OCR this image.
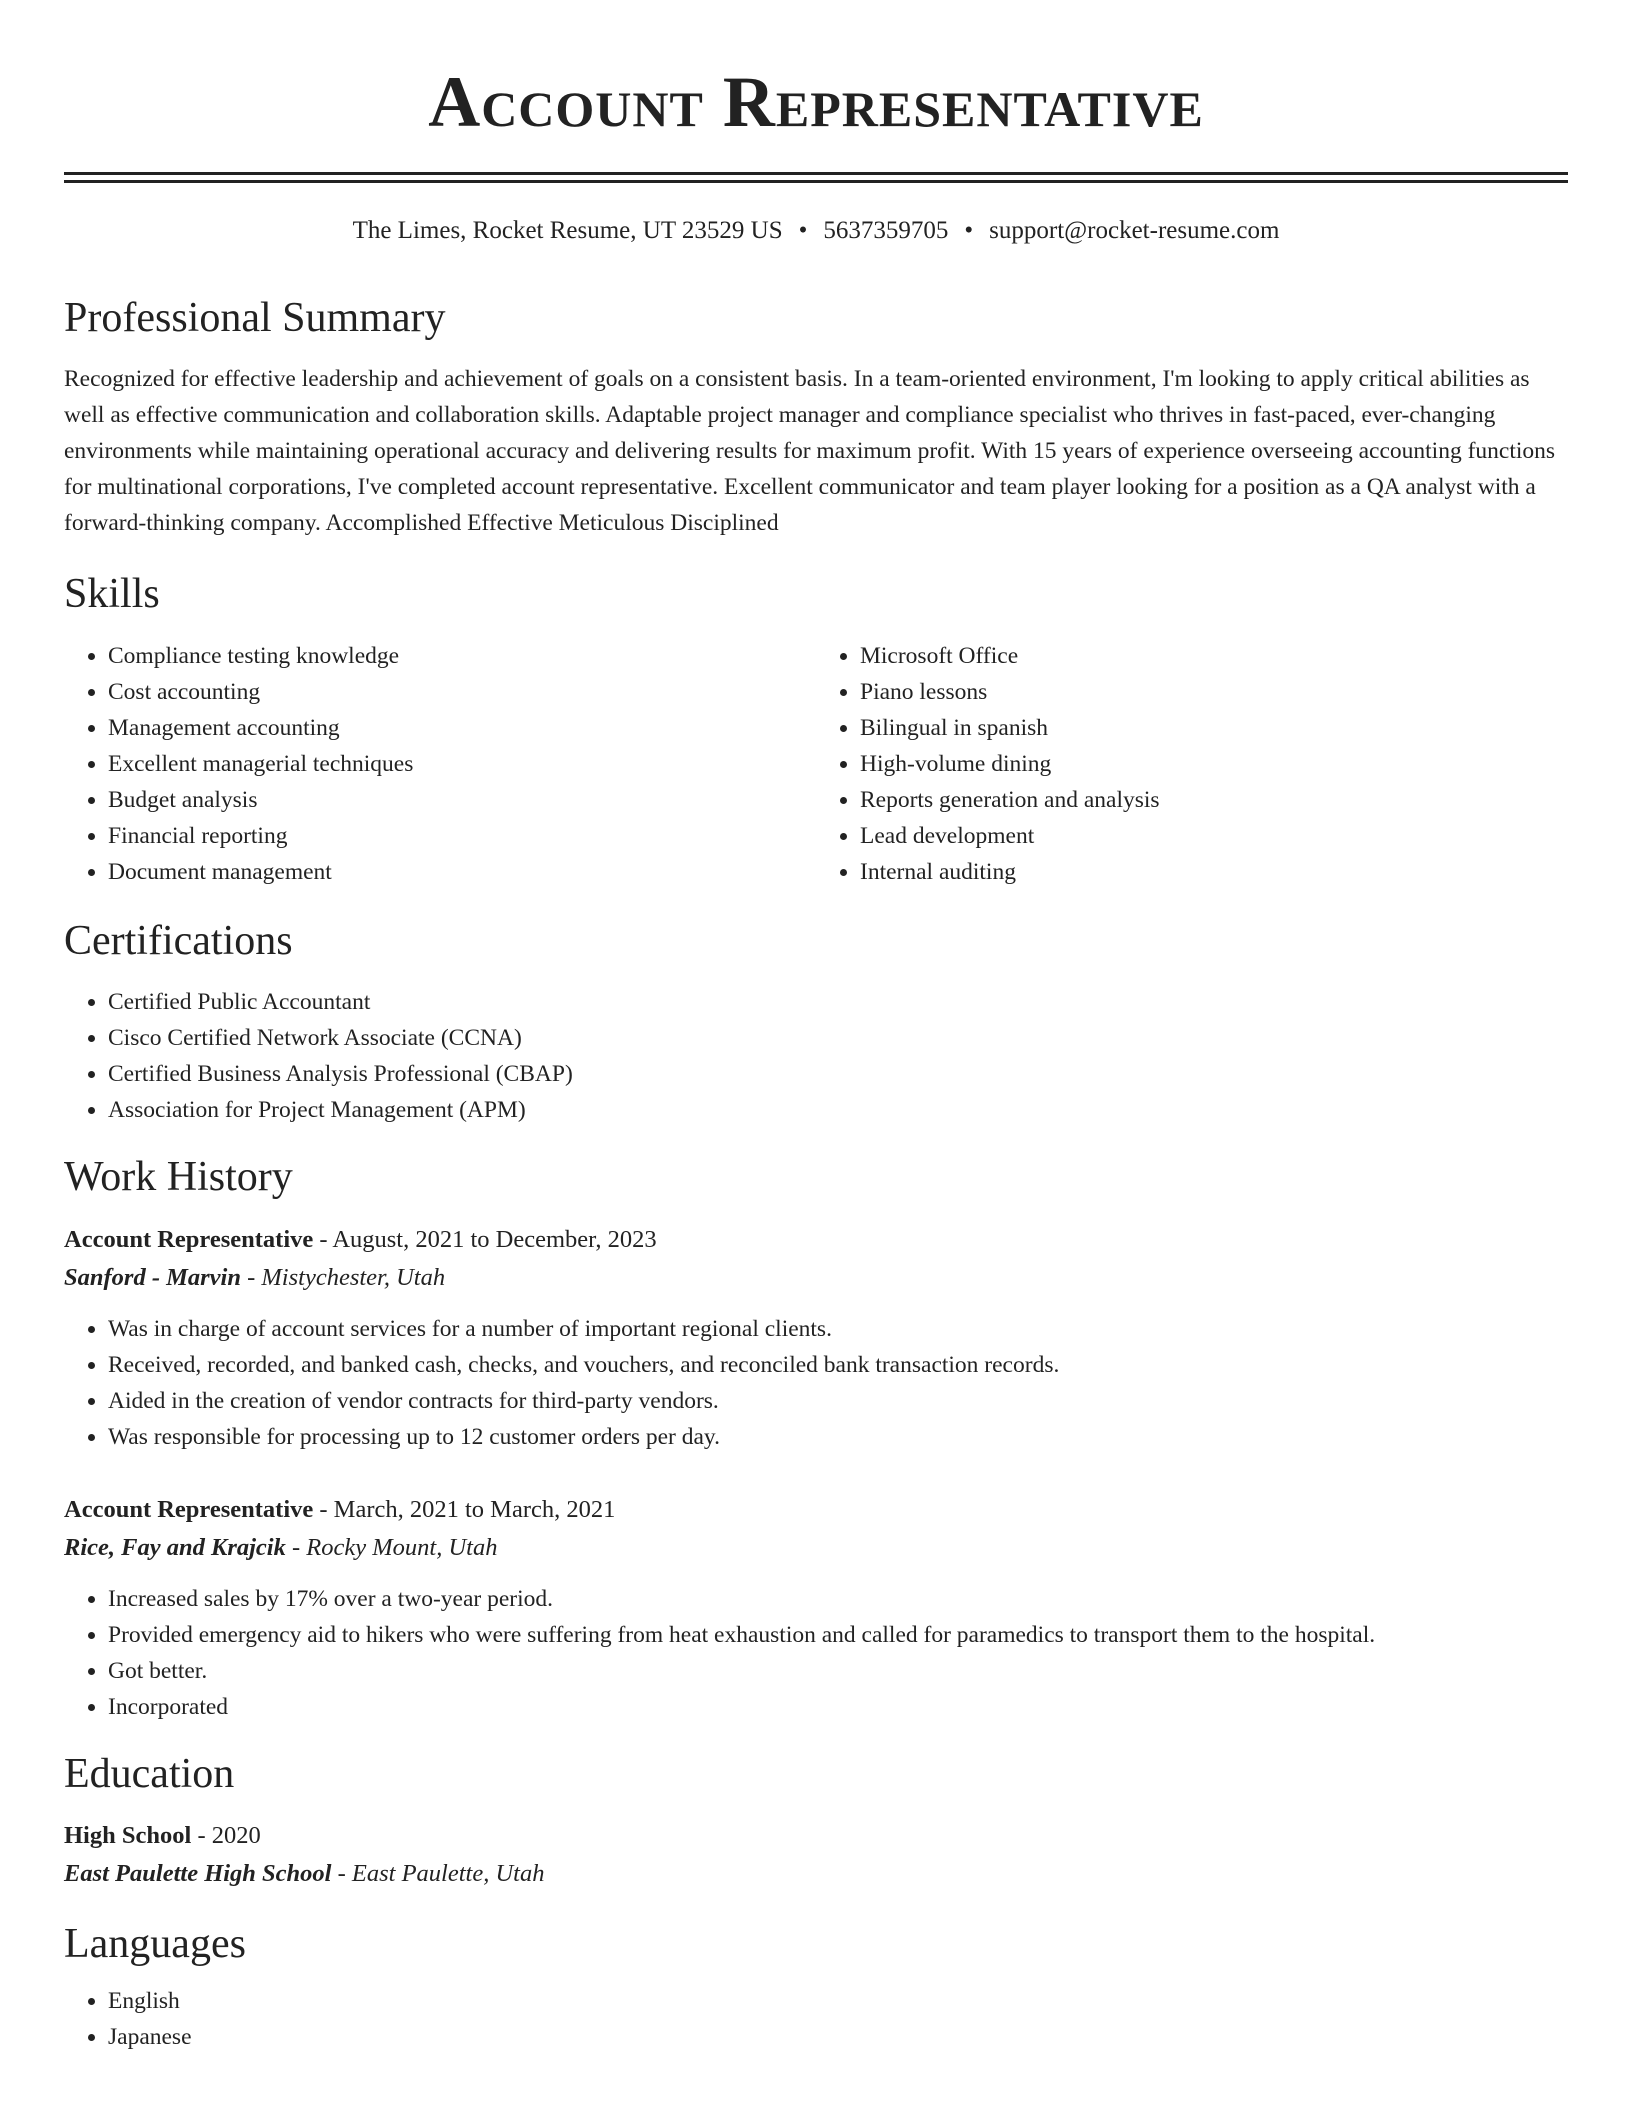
Account Representative
The Limes, Rocket Resume, UT 23529 US • 5637359705 • support@rocket-resume.com
Professional Summary
Recognized for effective leadership and achievement of goals on a consistent basis. In a team-oriented environment, I'm looking to apply critical abilities as well as effective communication and collaboration skills. Adaptable project manager and compliance specialist who thrives in fast-paced, ever-changing environments while maintaining operational accuracy and delivering results for maximum profit. With 15 years of experience overseeing accounting functions for multinational corporations, I've completed account representative. Excellent communicator and team player looking for a position as a QA analyst with a forward-thinking company. Accomplished Effective Meticulous Disciplined
Skills
• Compliance testing knowledge
• Cost accounting
• Management accounting
• Excellent managerial techniques
• Budget analysis
• Financial reporting
• Document management
• Microsoft Office
• Piano lessons
• Bilingual in spanish
• High-volume dining
• Reports generation and analysis
• Lead development
• Internal auditing
Certifications
• Certified Public Accountant
• Cisco Certified Network Associate (CCNA)
• Certified Business Analysis Professional (CBAP)
• Association for Project Management (APM)
Work History
Account Representative - August, 2021 to December, 2023
Sanford - Marvin - Mistychester, Utah
• Was in charge of account services for a number of important regional clients.
• Received, recorded, and banked cash, checks, and vouchers, and reconciled bank transaction records.
• Aided in the creation of vendor contracts for third-party vendors.
• Was responsible for processing up to 12 customer orders per day.
Account Representative - March, 2021 to March, 2021
Rice, Fay and Krajcik - Rocky Mount, Utah
• Increased sales by 17% over a two-year period.
• Provided emergency aid to hikers who were suffering from heat exhaustion and called for paramedics to transport them to the hospital.
• Got better.
• Incorporated
Education
High School - 2020
East Paulette High School - East Paulette, Utah
Languages
• English
• Japanese
